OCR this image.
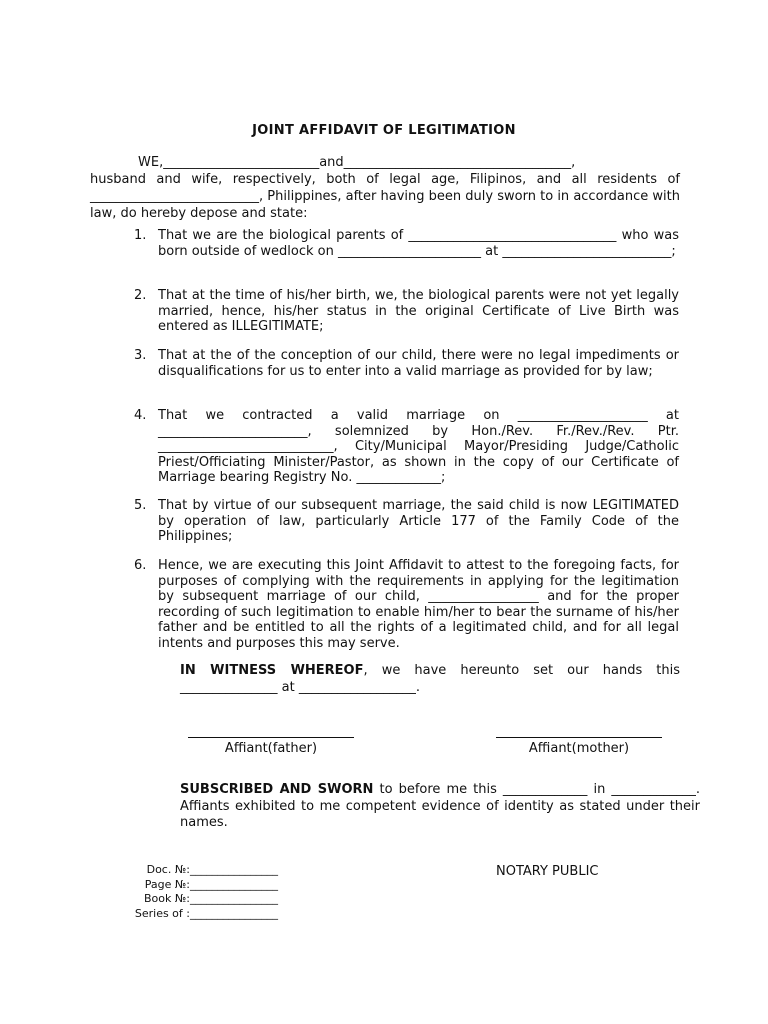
JOINT AFFIDAVIT OF LEGITIMATION
WE,________________________and___________________________________,
husband and wife, respectively, both of legal age, Filipinos, and all residents of __________________________, Philippines, after having been duly sworn to in accordance with law, do hereby depose and state:
1. That we are the biological parents of ________________________________ who was born outside of wedlock on ______________________ at __________________________;
2. That at the time of his/her birth, we, the biological parents were not yet legally married, hence, his/her status in the original Certificate of Live Birth was entered as ILLEGITIMATE;
3. That at the of the conception of our child, there were no legal impediments or disqualifications for us to enter into a valid marriage as provided for by law;
4. That we contracted a valid marriage on ____________________ at _______________________, solemnized by Hon./Rev. Fr./Rev./Rev. Ptr. ___________________________, City/Municipal Mayor/Presiding Judge/Catholic Priest/Officiating Minister/Pastor, as shown in the copy of our Certificate of Marriage bearing Registry No. _____________;
5. That by virtue of our subsequent marriage, the said child is now LEGITIMATED by operation of law, particularly Article 177 of the Family Code of the Philippines;
6. Hence, we are executing this Joint Affidavit to attest to the foregoing facts, for purposes of complying with the requirements in applying for the legitimation by subsequent marriage of our child, _________________ and for the proper recording of such legitimation to enable him/her to bear the surname of his/her father and be entitled to all the rights of a legitimated child, and for all legal intents and purposes this may serve.
IN WITNESS WHEREOF, we have hereunto set our hands this _______________ at __________________.
Affiant(father)	Affiant(mother)
SUBSCRIBED AND SWORN to before me this _____________ in _____________. Affiants exhibited to me competent evidence of identity as stated under their names.
Doc. №:________________
Page №:________________
Book №:________________
Series of :________________
NOTARY PUBLIC
